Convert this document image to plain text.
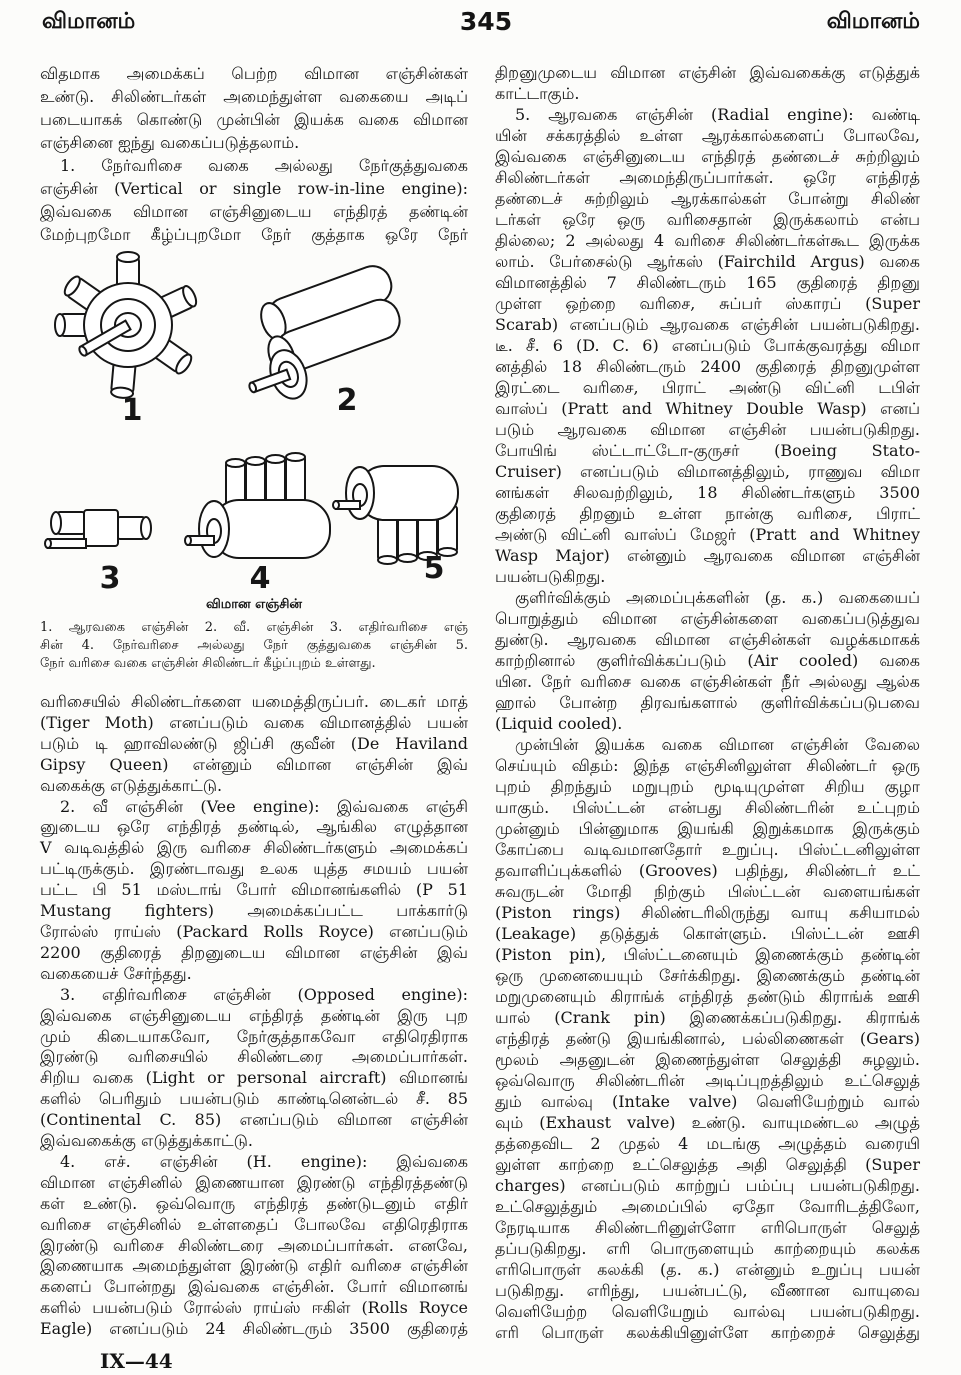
விமானம்	345	விமானம்
விதமாக அமைக்கப் பெற்ற விமான எஞ்சின்கள்
உண்டு. சிலிண்டர்கள் அமைந்துள்ள வகையை அடிப்
படையாகக் கொண்டு முன்பின் இயக்க வகை விமான
எஞ்சினை ஐந்து வகைப்படுத்தலாம்.
1. நேர்வரிசை வகை அல்லது நேர்குத்துவகை
எஞ்சின் (Vertical or single row-in-line engine):
இவ்வகை விமான எஞ்சினுடைய எந்திரத் தண்டின்
மேற்புறமோ கீழ்ப்புறமோ நேர் குத்தாக ஒரே நேர்
1	2
3	4	5
விமான எஞ்சின்
1. ஆரவகை எஞ்சின் 2. வீ. எஞ்சின் 3. எதிர்வரிசை எஞ்
சின் 4. நேர்வரிசை அல்லது நேர் குத்துவகை எஞ்சின் 5.
நேர் வரிசை வகை எஞ்சின் சிலிண்டர் கீழ்ப்புறம் உள்ளது.
வரிசையில் சிலிண்டர்களை யமைத்திருப்பர். டைகர் மாத்
(Tiger Moth) எனப்படும் வகை விமானத்தில் பயன்
படும் டி ஹாவிலண்டு ஜிப்சி குவீன் (De Haviland
Gipsy Queen) என்னும் விமான எஞ்சின் இவ்
வகைக்கு எடுத்துக்காட்டு.
2. வீ எஞ்சின் (Vee engine): இவ்வகை எஞ்சி
னுடைய ஒரே எந்திரத் தண்டில், ஆங்கில எழுத்தான
V வடிவத்தில் இரு வரிசை சிலிண்டர்களும் அமைக்கப்
பட்டிருக்கும். இரண்டாவது உலக யுத்த சமயம் பயன்
பட்ட பி 51 மஸ்டாங் போர் விமானங்களில் (P 51
Mustang fighters) அமைக்கப்பட்ட பாக்கார்டு
ரோல்ஸ் ராய்ஸ் (Packard Rolls Royce) எனப்படும்
2200 குதிரைத் திறனுடைய விமான எஞ்சின் இவ்
வகையைச் சேர்ந்தது.
3. எதிர்வரிசை எஞ்சின் (Opposed engine):
இவ்வகை எஞ்சினுடைய எந்திரத் தண்டின் இரு புற
மும் கிடையாகவோ, நேர்குத்தாகவோ எதிரெதிராக
இரண்டு வரிசையில் சிலிண்டரை அமைப்பார்கள்.
சிறிய வகை (Light or personal aircraft) விமானங்
களில் பெரிதும் பயன்படும் காண்டினென்டல் சீ. 85
(Continental C. 85) எனப்படும் விமான எஞ்சின்
இவ்வகைக்கு எடுத்துக்காட்டு.
4. எச். எஞ்சின் (H. engine): இவ்வகை
விமான எஞ்சினில் இணையான இரண்டு எந்திரத்தண்டு
கள் உண்டு. ஒவ்வொரு எந்திரத் தண்டுடனும் எதிர்
வரிசை எஞ்சினில் உள்ளதைப் போலவே எதிரெதிராக
இரண்டு வரிசை சிலிண்டரை அமைப்பார்கள். எனவே,
இணையாக அமைந்துள்ள இரண்டு எதிர் வரிசை எஞ்சின்
களைப் போன்றது இவ்வகை எஞ்சின். போர் விமானங்
களில் பயன்படும் ரோல்ஸ் ராய்ஸ் ஈகிள் (Rolls Royce
Eagle) எனப்படும் 24 சிலிண்டரும் 3500 குதிரைத்
திறனுமுடைய விமான எஞ்சின் இவ்வகைக்கு எடுத்துக்
காட்டாகும்.
5. ஆரவகை எஞ்சின் (Radial engine): வண்டி
யின் சக்கரத்தில் உள்ள ஆரக்கால்களைப் போலவே,
இவ்வகை எஞ்சினுடைய எந்திரத் தண்டைச் சுற்றிலும்
சிலிண்டர்கள் அமைந்திருப்பார்கள். ஒரே எந்திரத்
தண்டைச் சுற்றிலும் ஆரக்கால்கள் போன்று சிலிண்
டர்கள் ஒரே ஒரு வரிசைதான் இருக்கலாம் என்ப
தில்லை; 2 அல்லது 4 வரிசை சிலிண்டர்கள்கூட இருக்க
லாம். பேர்சைல்டு ஆர்கஸ் (Fairchild Argus) வகை
விமானத்தில் 7 சிலிண்டரும் 165 குதிரைத் திறனு
முள்ள ஒற்றை வரிசை, சுப்பர் ஸ்காரப் (Super
Scarab) எனப்படும் ஆரவகை எஞ்சின் பயன்படுகிறது.
டீ. சீ. 6 (D. C. 6) எனப்படும் போக்குவரத்து விமா
னத்தில் 18 சிலிண்டரும் 2400 குதிரைத் திறனுமுள்ள
இரட்டை வரிசை, பிராட் அண்டு விட்னி டபிள்
வாஸ்ப் (Pratt and Whitney Double Wasp) எனப்
படும் ஆரவகை விமான எஞ்சின் பயன்படுகிறது.
போயிங் ஸ்ட்டாட்டோ-குருசர் (Boeing Stato-
Cruiser) எனப்படும் விமானத்திலும், ராணுவ விமா
னங்கள் சிலவற்றிலும், 18 சிலிண்டர்களும் 3500
குதிரைத் திறனும் உள்ள நான்கு வரிசை, பிராட்
அண்டு விட்னி வாஸ்ப் மேஜர் (Pratt and Whitney
Wasp Major) என்னும் ஆரவகை விமான எஞ்சின்
பயன்படுகிறது.
குளிர்விக்கும் அமைப்புக்களின் (த. க.) வகையைப்
பொறுத்தும் விமான எஞ்சின்களை வகைப்படுத்துவ
துண்டு. ஆரவகை விமான எஞ்சின்கள் வழக்கமாகக்
காற்றினால் குளிர்விக்கப்படும் (Air cooled) வகை
யின. நேர் வரிசை வகை எஞ்சின்கள் நீர் அல்லது ஆல்க
ஹால் போன்ற திரவங்களால் குளிர்விக்கப்படுபவை
(Liquid cooled).
முன்பின் இயக்க வகை விமான எஞ்சின் வேலை
செய்யும் விதம்: இந்த எஞ்சினிலுள்ள சிலிண்டர் ஒரு
புறம் திறந்தும் மறுபுறம் மூடியுமுள்ள சிறிய குழா
யாகும். பிஸ்ட்டன் என்பது சிலிண்டரின் உட்புறம்
முன்னும் பின்னுமாக இயங்கி இறுக்கமாக இருக்கும்
கோப்பை வடிவமானதோர் உறுப்பு. பிஸ்ட்டனிலுள்ள
தவாளிப்புக்களில் (Grooves) பதிந்து, சிலிண்டர் உட்
சுவருடன் மோதி நிற்கும் பிஸ்ட்டன் வளையங்கள்
(Piston rings) சிலிண்டரிலிருந்து வாயு கசியாமல்
(Leakage) தடுத்துக் கொள்ளும். பிஸ்ட்டன் ஊசி
(Piston pin), பிஸ்ட்டனையும் இணைக்கும் தண்டின்
ஒரு முனையையும் சேர்க்கிறது. இணைக்கும் தண்டின்
மறுமுனையும் கிராங்க் எந்திரத் தண்டும் கிராங்க் ஊசி
யால் (Crank pin) இணைக்கப்படுகிறது. கிராங்க்
எந்திரத் தண்டு இயங்கினால், பல்லிணைகள் (Gears)
மூலம் அதனுடன் இணைந்துள்ள செலுத்தி சுழலும்.
ஒவ்வொரு சிலிண்டரின் அடிப்புறத்திலும் உட்செலுத்
தும் வால்வு (Intake valve) வெளியேற்றும் வால்
வும் (Exhaust valve) உண்டு. வாயுமண்டல அழுத்
தத்தைவிட 2 முதல் 4 மடங்கு அழுத்தம் வரையி
லுள்ள காற்றை உட்செலுத்த அதி செலுத்தி (Super
charges) எனப்படும் காற்றுப் பம்ப்பு பயன்படுகிறது.
உட்செலுத்தும் அமைப்பில் ஏதோ வோரிடத்திலோ,
நேரடியாக சிலிண்டரினுள்ளோ எரிபொருள் செலுத்
தப்படுகிறது. எரி பொருளையும் காற்றையும் கலக்க
எரிபொருள் கலக்கி (த. க.) என்னும் உறுப்பு பயன்
படுகிறது. எரிந்து, பயன்பட்டு, வீணான வாயுவை
வெளியேற்ற வெளியேறும் வால்வு பயன்படுகிறது.
எரி பொருள் கலக்கியினுள்ளே காற்றைச் செலுத்து
IX—44
